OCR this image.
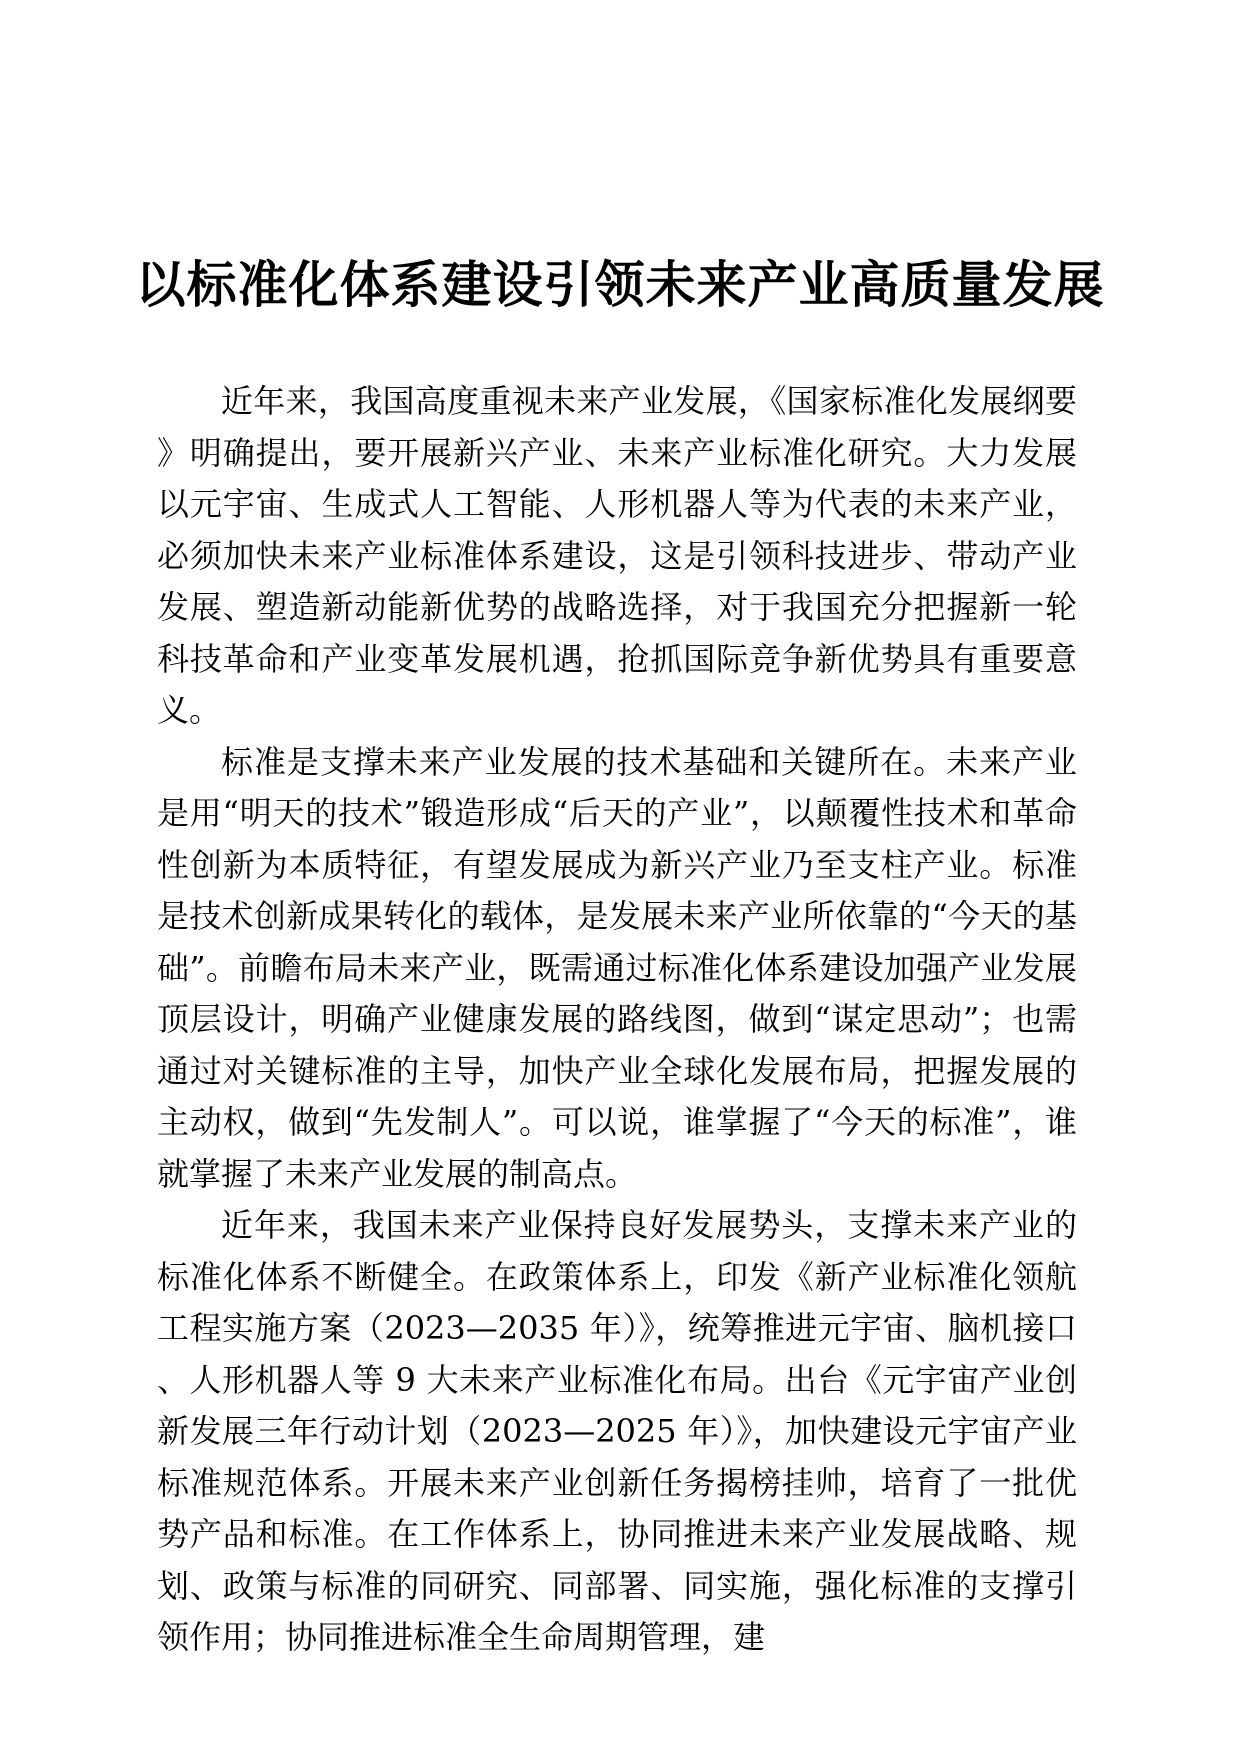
以标准化体系建设引领未来产业高质量发展

近年来，我国高度重视未来产业发展，《国家标准化发展纲要》明确提出，要开展新兴产业、未来产业标准化研究。大力发展以元宇宙、生成式人工智能、人形机器人等为代表的未来产业，必须加快未来产业标准体系建设，这是引领科技进步、带动产业发展、塑造新动能新优势的战略选择，对于我国充分把握新一轮科技革命和产业变革发展机遇，抢抓国际竞争新优势具有重要意义。

标准是支撑未来产业发展的技术基础和关键所在。未来产业是用“明天的技术”锻造形成“后天的产业”，以颠覆性技术和革命性创新为本质特征，有望发展成为新兴产业乃至支柱产业。标准是技术创新成果转化的载体，是发展未来产业所依靠的“今天的基础”。前瞻布局未来产业，既需通过标准化体系建设加强产业发展顶层设计，明确产业健康发展的路线图，做到“谋定思动”；也需通过对关键标准的主导，加快产业全球化发展布局，把握发展的主动权，做到“先发制人”。可以说，谁掌握了“今天的标准”，谁就掌握了未来产业发展的制高点。

近年来，我国未来产业保持良好发展势头，支撑未来产业的标准化体系不断健全。在政策体系上，印发《新产业标准化领航工程实施方案（2023—2035 年）》，统筹推进元宇宙、脑机接口、人形机器人等 9 大未来产业标准化布局。出台《元宇宙产业创新发展三年行动计划（2023—2025 年）》，加快建设元宇宙产业标准规范体系。开展未来产业创新任务揭榜挂帅，培育了一批优势产品和标准。在工作体系上，协同推进未来产业发展战略、规划、政策与标准的同研究、同部署、同实施，强化标准的支撑引领作用；协同推进标准全生命周期管理，建
